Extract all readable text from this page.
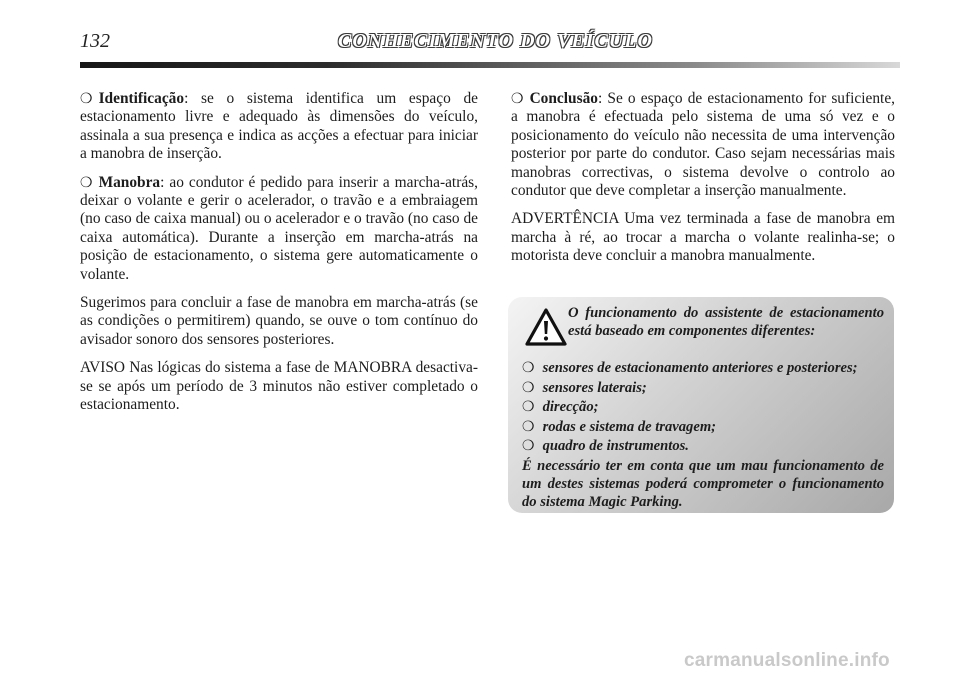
132	CONHECIMENTO DO VEÍCULO

❍ Identificação: se o sistema identifica um espaço de estacionamento livre e adequado às dimensões do veículo, assinala a sua presença e indica as acções a efectuar para iniciar a manobra de inserção.

❍ Manobra: ao condutor é pedido para inserir a marcha-atrás, deixar o volante e gerir o acelerador, o travão e a embraiagem (no caso de caixa manual) ou o acelerador e o travão (no caso de caixa automática). Durante a inserção em marcha-atrás na posição de estacionamento, o sistema gere automaticamente o volante.

Sugerimos para concluir a fase de manobra em marcha-atrás (se as condições o permitirem) quando, se ouve o tom contínuo do avisador sonoro dos sensores posteriores.

AVISO Nas lógicas do sistema a fase de MANOBRA desactiva-se se após um período de 3 minutos não estiver completado o estacionamento.

❍ Conclusão: Se o espaço de estacionamento for suficiente, a manobra é efectuada pelo sistema de uma só vez e o posicionamento do veículo não necessita de uma intervenção posterior por parte do condutor. Caso sejam necessárias mais manobras correctivas, o sistema devolve o controlo ao condutor que deve completar a inserção manualmente.

ADVERTÊNCIA Uma vez terminada a fase de manobra em marcha à ré, ao trocar a marcha o volante realinha-se; o motorista deve concluir a manobra manualmente.

O funcionamento do assistente de estacionamento está baseado em componentes diferentes:
❍ sensores de estacionamento anteriores e posteriores;
❍ sensores laterais;
❍ direcção;
❍ rodas e sistema de travagem;
❍ quadro de instrumentos.
É necessário ter em conta que um mau funcionamento de um destes sistemas poderá comprometer o funcionamento do sistema Magic Parking.
carmanualsonline.info
